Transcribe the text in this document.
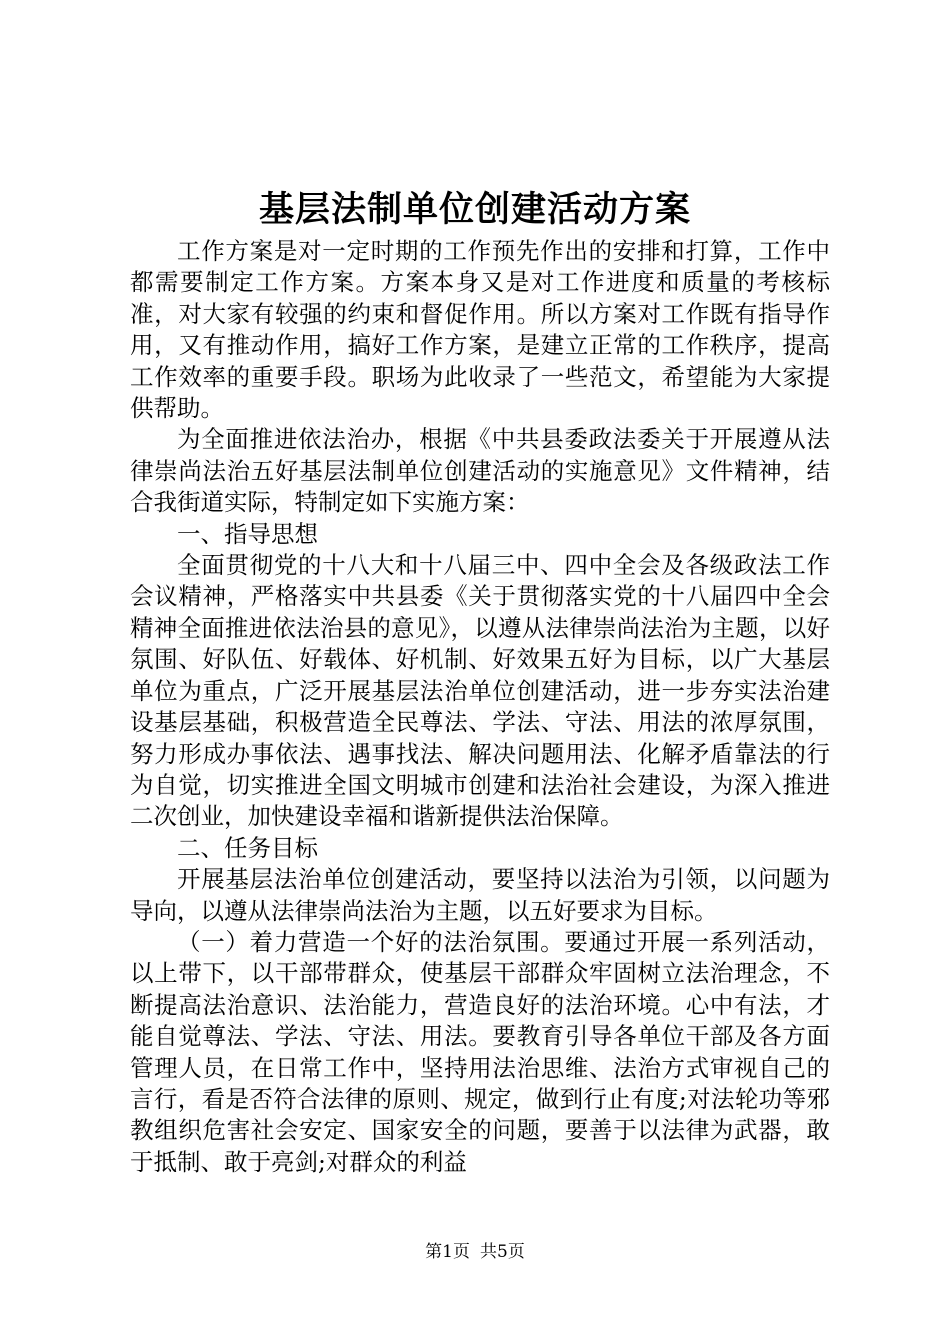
基层法制单位创建活动方案

工作方案是对一定时期的工作预先作出的安排和打算，工作中都需要制定工作方案。方案本身又是对工作进度和质量的考核标准，对大家有较强的约束和督促作用。所以方案对工作既有指导作用，又有推动作用，搞好工作方案，是建立正常的工作秩序，提高工作效率的重要手段。职场为此收录了一些范文，希望能为大家提供帮助。

为全面推进依法治办，根据《中共县委政法委关于开展遵从法律崇尚法治五好基层法制单位创建活动的实施意见》文件精神，结合我街道实际，特制定如下实施方案：

一、指导思想

全面贯彻党的十八大和十八届三中、四中全会及各级政法工作会议精神，严格落实中共县委《关于贯彻落实党的十八届四中全会精神全面推进依法治县的意见》，以遵从法律崇尚法治为主题，以好氛围、好队伍、好载体、好机制、好效果五好为目标，以广大基层单位为重点，广泛开展基层法治单位创建活动，进一步夯实法治建设基层基础，积极营造全民尊法、学法、守法、用法的浓厚氛围，努力形成办事依法、遇事找法、解决问题用法、化解矛盾靠法的行为自觉，切实推进全国文明城市创建和法治社会建设，为深入推进二次创业，加快建设幸福和谐新提供法治保障。

二、任务目标

开展基层法治单位创建活动，要坚持以法治为引领，以问题为导向，以遵从法律崇尚法治为主题，以五好要求为目标。

（一）着力营造一个好的法治氛围。要通过开展一系列活动，以上带下，以干部带群众，使基层干部群众牢固树立法治理念，不断提高法治意识、法治能力，营造良好的法治环境。心中有法，才能自觉尊法、学法、守法、用法。要教育引导各单位干部及各方面管理人员，在日常工作中，坚持用法治思维、法治方式审视自己的言行，看是否符合法律的原则、规定，做到行止有度;对法轮功等邪教组织危害社会安定、国家安全的问题，要善于以法律为武器，敢于抵制、敢于亮剑;对群众的利益

第1页 共5页
